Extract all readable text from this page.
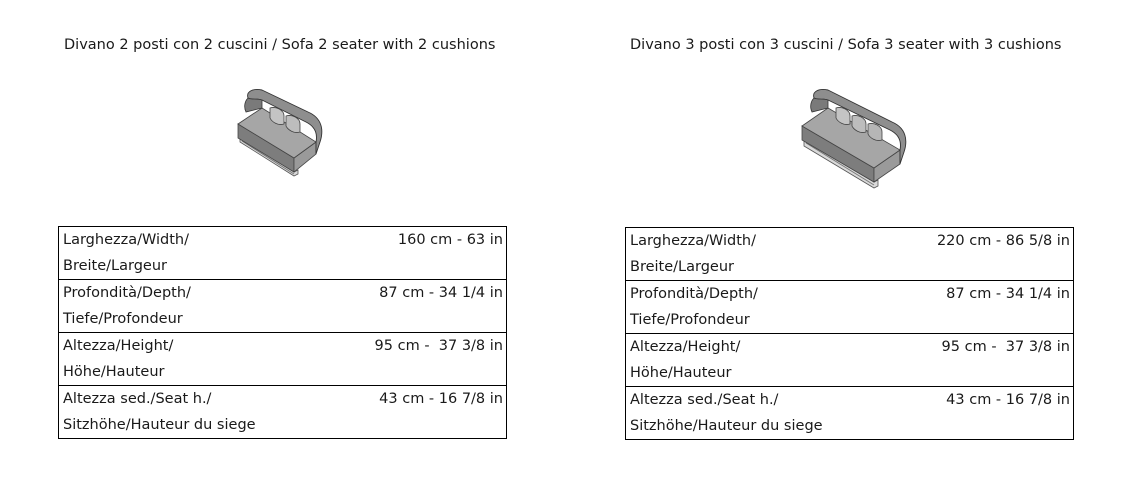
Divano 2 posti con 2 cuscini / Sofa 2 seater with 2 cushions
Larghezza/Width/
Breite/Largeur	160 cm - 63 in

Profondità/Depth/
Tiefe/Profondeur	87 cm - 34 1/4 in

Altezza/Height/
Höhe/Hauteur	95 cm -  37 3/8 in

Altezza sed./Seat h./
Sitzhöhe/Hauteur du siege	43 cm - 16 7/8 in
Divano 3 posti con 3 cuscini / Sofa 3 seater with 3 cushions
Larghezza/Width/
Breite/Largeur	220 cm - 86 5/8 in

Profondità/Depth/
Tiefe/Profondeur	87 cm - 34 1/4 in

Altezza/Height/
Höhe/Hauteur	95 cm -  37 3/8 in

Altezza sed./Seat h./
Sitzhöhe/Hauteur du siege	43 cm - 16 7/8 in
